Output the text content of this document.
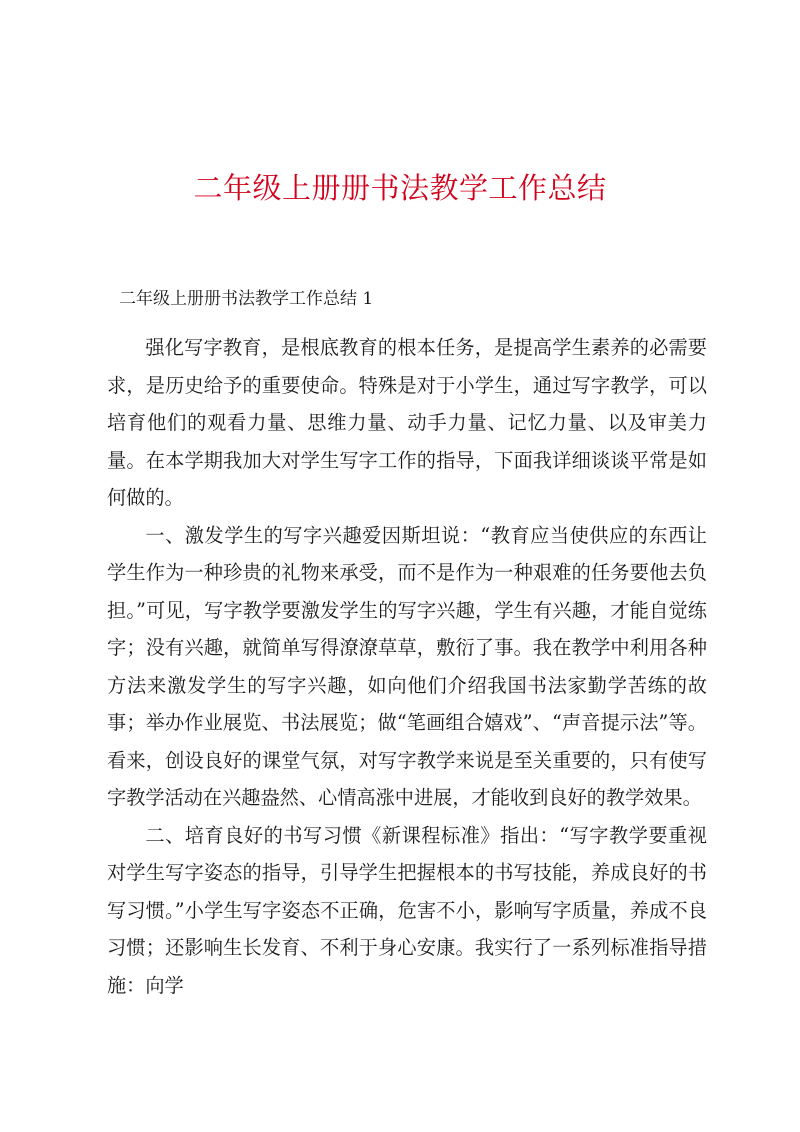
二年级上册册书法教学工作总结

二年级上册册书法教学工作总结 1

强化写字教育，是根底教育的根本任务，是提高学生素养的必需要求，是历史给予的重要使命。特殊是对于小学生，通过写字教学，可以培育他们的观看力量、思维力量、动手力量、记忆力量、以及审美力量。在本学期我加大对学生写字工作的指导，下面我详细谈谈平常是如何做的。

一、激发学生的写字兴趣爱因斯坦说：“教育应当使供应的东西让学生作为一种珍贵的礼物来承受，而不是作为一种艰难的任务要他去负担。”可见，写字教学要激发学生的写字兴趣，学生有兴趣，才能自觉练字；没有兴趣，就简单写得潦潦草草，敷衍了事。我在教学中利用各种方法来激发学生的写字兴趣，如向他们介绍我国书法家勤学苦练的故事；举办作业展览、书法展览；做“笔画组合嬉戏”、“声音提示法”等。看来，创设良好的课堂气氛，对写字教学来说是至关重要的，只有使写字教学活动在兴趣盎然、心情高涨中进展，才能收到良好的教学效果。

二、培育良好的书写习惯《新课程标准》指出：“写字教学要重视对学生写字姿态的指导，引导学生把握根本的书写技能，养成良好的书写习惯。”小学生写字姿态不正确，危害不小，影响写字质量，养成不良习惯；还影响生长发育、不利于身心安康。我实行了一系列标准指导措施：向学
